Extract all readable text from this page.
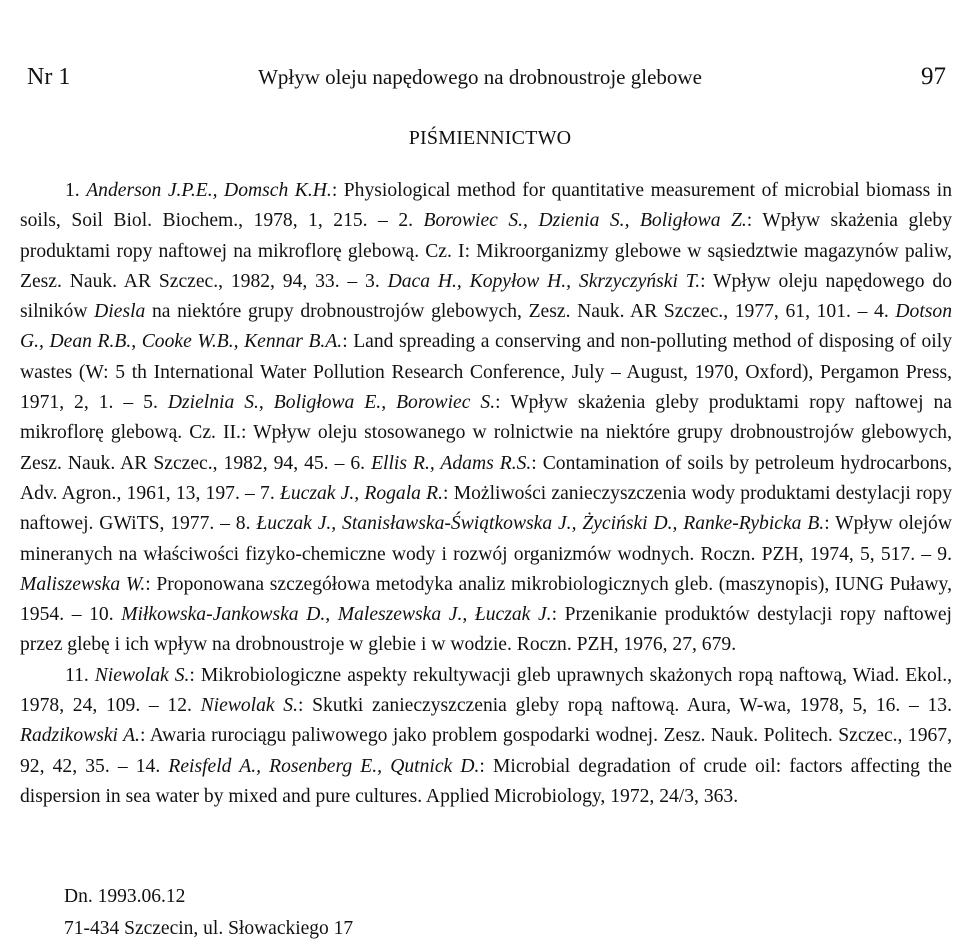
Wpływ oleju napędowego na drobnoustroje glebowe
Nr 1	97
PIŚMIENNICTWO

1. Anderson J.P.E., Domsch K.H.: Physiological method for quantitative measurement of microbial biomass in soils, Soil Biol. Biochem., 1978, 1, 215. – 2. Borowiec S., Dzienia S., Boligłowa Z.: Wpływ skażenia gleby produktami ropy naftowej na mikroflorę glebową. Cz. I: Mikroorganizmy glebowe w sąsiedztwie magazynów paliw, Zesz. Nauk. AR Szczec., 1982, 94, 33. – 3. Daca H., Kopyłow H., Skrzyczyński T.: Wpływ oleju napędowego do silników Diesla na niektóre grupy drobnoustrojów glebowych, Zesz. Nauk. AR Szczec., 1977, 61, 101. – 4. Dotson G., Dean R.B., Cooke W.B., Kennar B.A.: Land spreading a conserving and non-polluting method of disposing of oily wastes (W: 5 th International Water Pollution Research Conference, July – August, 1970, Oxford), Pergamon Press, 1971, 2, 1. – 5. Dzielnia S., Boligłowa E., Borowiec S.: Wpływ skażenia gleby produktami ropy naftowej na mikroflorę glebową. Cz. II.: Wpływ oleju stosowanego w rolnictwie na niektóre grupy drobnoustrojów glebowych, Zesz. Nauk. AR Szczec., 1982, 94, 45. – 6. Ellis R., Adams R.S.: Contamination of soils by petroleum hydrocarbons, Adv. Agron., 1961, 13, 197. – 7. Łuczak J., Rogala R.: Możliwości zanieczyszczenia wody produktami destylacji ropy naftowej. GWiTS, 1977. – 8. Łuczak J., Stanisławska-Świątkowska J., Życiński D., Ranke-Rybicka B.: Wpływ olejów mineranych na właściwości fizyko-chemiczne wody i rozwój organizmów wodnych. Roczn. PZH, 1974, 5, 517. – 9. Maliszewska W.: Proponowana szczegółowa metodyka analiz mikrobiologicznych gleb. (maszynopis), IUNG Puławy, 1954. – 10. Miłkowska-Jankowska D., Maleszewska J., Łuczak J.: Przenikanie produktów destylacji ropy naftowej przez glebę i ich wpływ na drobnoustroje w glebie i w wodzie. Roczn. PZH, 1976, 27, 679.

11. Niewolak S.: Mikrobiologiczne aspekty rekultywacji gleb uprawnych skażonych ropą naftową, Wiad. Ekol., 1978, 24, 109. – 12. Niewolak S.: Skutki zanieczyszczenia gleby ropą naftową. Aura, W-wa, 1978, 5, 16. – 13. Radzikowski A.: Awaria rurociągu paliwowego jako problem gospodarki wodnej. Zesz. Nauk. Politech. Szczec., 1967, 92, 42, 35. – 14. Reisfeld A., Rosenberg E., Qutnick D.: Microbial degradation of crude oil: factors affecting the dispersion in sea water by mixed and pure cultures. Applied Microbiology, 1972, 24/3, 363.

Dn. 1993.06.12
71-434 Szczecin, ul. Słowackiego 17
